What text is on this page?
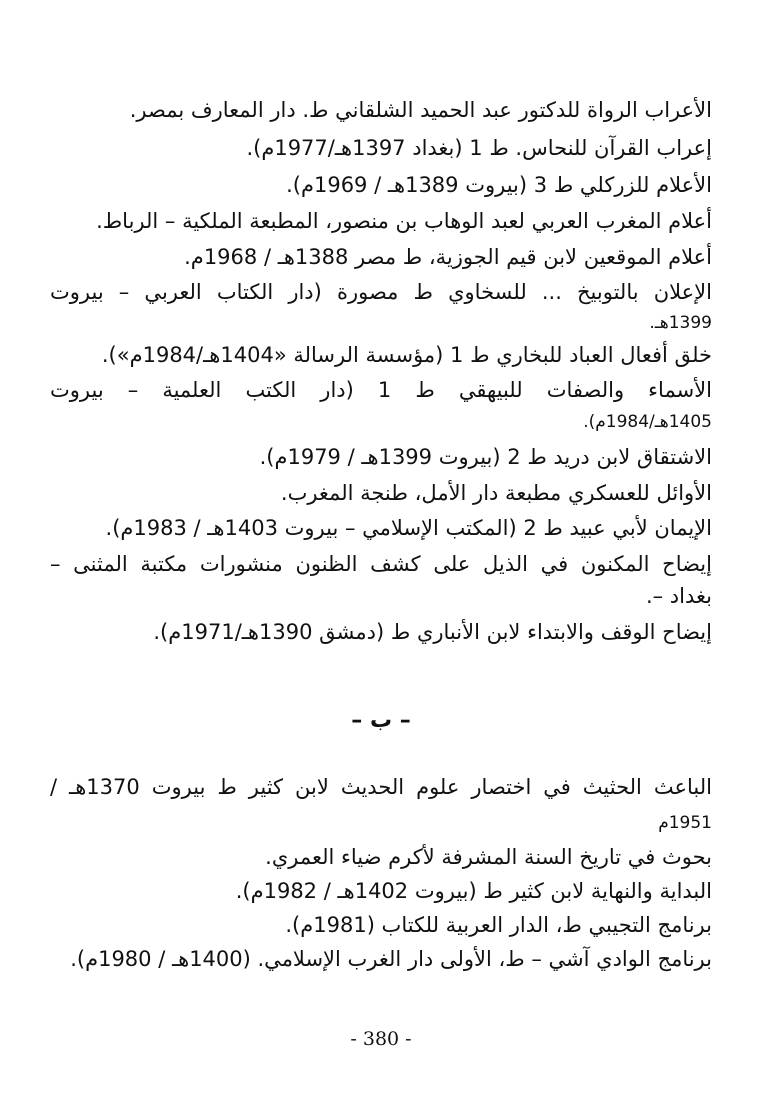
الأعراب الرواة للدكتور عبد الحميد الشلقاني ط. دار المعارف بمصر.
إعراب القرآن للنحاس. ط 1 (بغداد 1397هـ/1977م).
الأعلام للزركلي ط 3 (بيروت 1389هـ / 1969م).
أعلام المغرب العربي لعبد الوهاب بن منصور، المطبعة الملكية – الرباط.
أعلام الموقعين لابن قيم الجوزية، ط مصر 1388هـ / 1968م.
الإعلان بالتوبيخ ... للسخاوي ط مصورة (دار الكتاب العربي – بيروت
1399هـ.
خلق أفعال العباد للبخاري ط 1 (مؤسسة الرسالة «1404هـ/1984م»).
الأسماء والصفات للبيهقي ط 1 (دار الكتب العلمية – بيروت
1405هـ/1984م).
الاشتقاق لابن دريد ط 2 (بيروت 1399هـ / 1979م).
الأوائل للعسكري مطبعة دار الأمل، طنجة المغرب.
الإيمان لأبي عبيد ط 2 (المكتب الإسلامي – بيروت 1403هـ / 1983م).
إيضاح المكنون في الذيل على كشف الظنون منشورات مكتبة المثنى –
بغداد –.
إيضاح الوقف والابتداء لابن الأنباري ط (دمشق 1390هـ/1971م).
– ب –
الباعث الحثيث في اختصار علوم الحديث لابن كثير ط بيروت 1370هـ /
1951م
بحوث في تاريخ السنة المشرفة لأكرم ضياء العمري.
البداية والنهاية لابن كثير ط (بيروت 1402هـ / 1982م).
برنامج التجيبي ط، الدار العربية للكتاب (1981م).
برنامج الوادي آشي – ط، الأولى دار الغرب الإسلامي. (1400هـ / 1980م).
- 380 -
